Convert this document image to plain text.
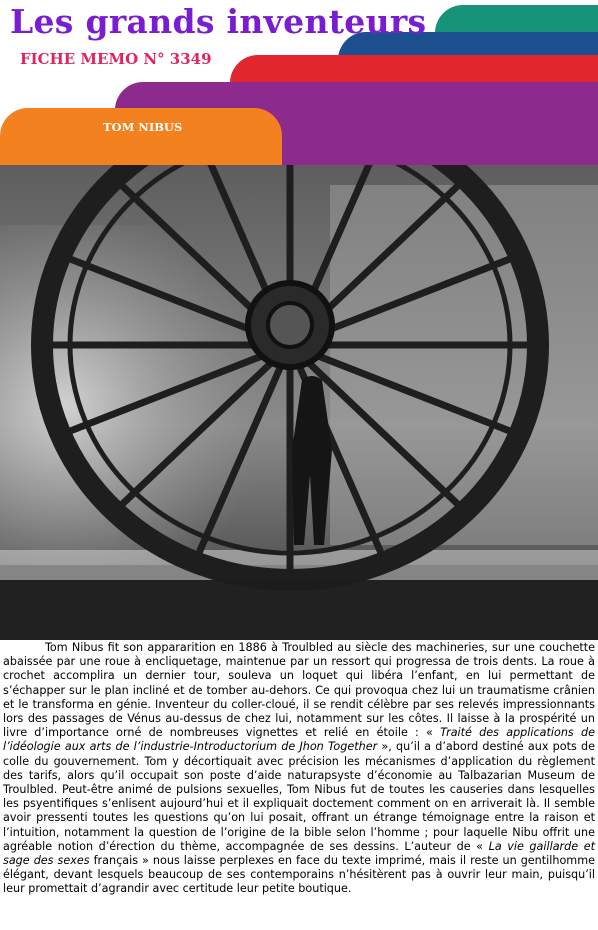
Les grands inventeurs
FICHE MEMO N° 3349
TOM NIBUS

Tom Nibus fit son appararition en 1886 à Troulbled au siècle des machineries, sur une couchette abaissée par une roue à encliquetage, maintenue par un ressort qui progressa de trois dents. La roue à crochet accomplira un dernier tour, souleva un loquet qui libéra l’enfant, en lui permettant de s’échapper sur le plan incliné et de tomber au-dehors. Ce qui provoqua chez lui un traumatisme crânien et le transforma en génie. Inventeur du coller-cloué, il se rendit célèbre par ses relevés impressionnants lors des passages de Vénus au-dessus de chez lui, notamment sur les côtes. Il laisse à la prospérité un livre d’importance orné de nombreuses vignettes et relié en étoile : « Traité des applications de l’idéologie aux arts de l’industrie-Introductorium de Jhon Together », qu’il a d’abord destiné aux pots de colle du gouvernement. Tom y décortiquait avec précision les mécanismes d’application du règlement des tarifs, alors qu’il occupait son poste d’aide naturapsyste d’économie au Talbazarian Museum de Troulbled. Peut-être animé de pulsions sexuelles, Tom Nibus fut de toutes les causeries dans lesquelles les psyentifiques s’enlisent aujourd’hui et il expliquait doctement comment on en arriverait là. Il semble avoir pressenti toutes les questions qu’on lui posait, offrant un étrange témoignage entre la raison et l’intuition, notamment la question de l’origine de la bible selon l’homme ; pour laquelle Nibu offrit une agréable notion d’érection du thème, accompagnée de ses dessins. L’auteur de « La vie gaillarde et sage des sexes français » nous laisse perplexes en face du texte imprimé, mais il reste un gentilhomme élégant, devant lesquels beaucoup de ses contemporains n’hésitèrent pas à ouvrir leur main, puisqu’il leur promettait d’agrandir avec certitude leur petite boutique.
